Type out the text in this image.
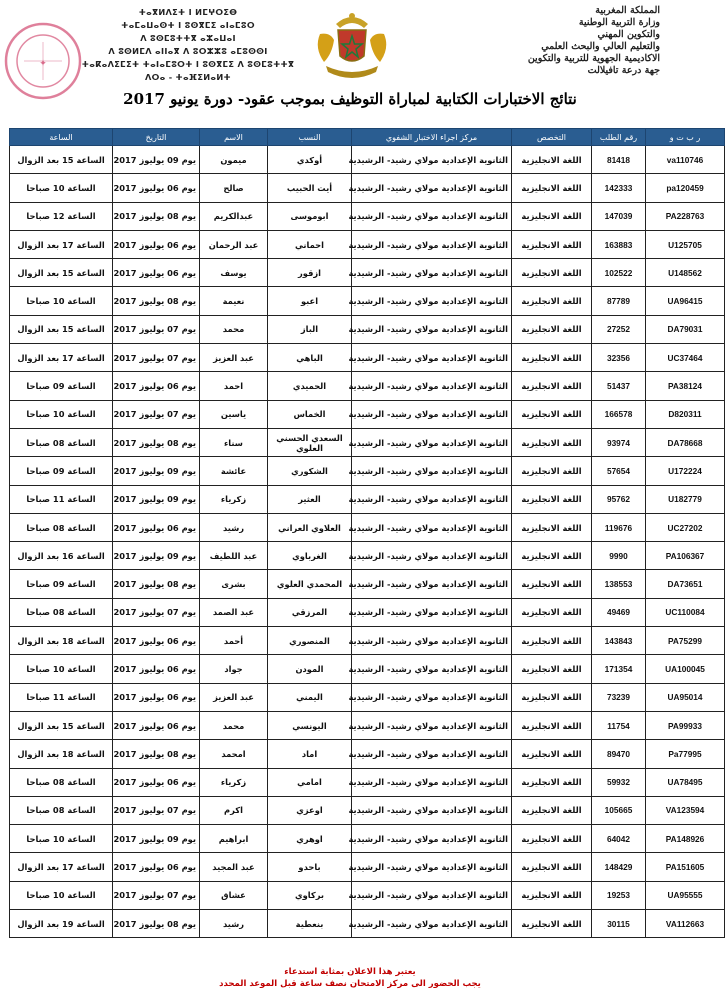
ⵜⴰⴳⵍⴷⵉⵜ ⵏ ⵍⵎⵖⵔⵉⴱ
ⵜⴰⵎⴰⵡⴰⵙⵜ ⵏ ⵓⵙⴳⵎⵉ ⴰⵏⴰⵎⵓⵔ
ⴷ ⵓⵙⵎⵓⵜⵜⴳ ⴰⵣⴰⵡⴰⵏ
ⴷ ⵓⵙⵍⵎⴷ ⴰⵏⵏⴰⴳ ⴷ ⵓⵔⵣⵣⵓ ⴰⵎⵓⵙⵙⵏ
ⵜⴰⴽⴰⴷⵉⵎⵉⵜ ⵜⴰⵏⴰⵎⵓⵔⵜ ⵏ ⵓⵙⴳⵎⵉ ⴷ ⵓⵙⵎⵓⵜⵜⴳ
ⴷⵔⴰ - ⵜⴰⴼⵉⵍⴰⵍⵜ
المملكة المغربية
وزارة التربية الوطنية
والتكوين المهني
والتعليم العالي والبحث العلمي
الاكاديمية الجهوية للتربية والتكوين
جهة درعة تافيلالت
✦
نتائج الاختبارات الكتابية لمباراة التوظيف بموجب عقود- دورة يونيو 2017
ر ب ت و	رقم الطلب	التخصص	مركز اجراء الاختبار الشفوي	النسب	الاسم	التاريخ	الساعة
va110746	81418	اللغة الانجليزية	الثانوية الإعدادية مولاي رشيد- الرشيدية	أوكدي	ميمون	يوم 09 يوليوز 2017	الساعة 15 بعد الزوال
pa120459	142333	اللغة الانجليزية	الثانوية الإعدادية مولاي رشيد- الرشيدية	أيت الحبيب	صالح	يوم 06 يوليوز 2017	الساعة 10 صباحا
PA228763	147039	اللغة الانجليزية	الثانوية الإعدادية مولاي رشيد- الرشيدية	ابوموسى	عبدالكريم	يوم 08 يوليوز 2017	الساعة 12 صباحا
U125705	163883	اللغة الانجليزية	الثانوية الإعدادية مولاي رشيد- الرشيدية	احماني	عبد الرحمان	يوم 06 يوليوز 2017	الساعة 17 بعد الزوال
U148562	102522	اللغة الانجليزية	الثانوية الإعدادية مولاي رشيد- الرشيدية	ازقور	يوسف	يوم 06 يوليوز 2017	الساعة 15 بعد الزوال
UA96415	87789	اللغة الانجليزية	الثانوية الإعدادية مولاي رشيد- الرشيدية	اعبو	نعيمة	يوم 08 يوليوز 2017	الساعة 10 صباحا
DA79031	27252	اللغة الانجليزية	الثانوية الإعدادية مولاي رشيد- الرشيدية	الباز	محمد	يوم 07 يوليوز 2017	الساعة 15 بعد الزوال
UC37464	32356	اللغة الانجليزية	الثانوية الإعدادية مولاي رشيد- الرشيدية	الباهي	عبد العزيز	يوم 07 يوليوز 2017	الساعة 17 بعد الزوال
PA38124	51437	اللغة الانجليزية	الثانوية الإعدادية مولاي رشيد- الرشيدية	الحميدي	احمد	يوم 06 يوليوز 2017	الساعة 09 صباحا
D820311	166578	اللغة الانجليزية	الثانوية الإعدادية مولاي رشيد- الرشيدية	الخماس	ياسين	يوم 07 يوليوز 2017	الساعة 10 صباحا
DA78668	93974	اللغة الانجليزية	الثانوية الإعدادية مولاي رشيد- الرشيدية	السعدي الحسني العلوي	سناء	يوم 08 يوليوز 2017	الساعة 08 صباحا
U172224	57654	اللغة الانجليزية	الثانوية الإعدادية مولاي رشيد- الرشيدية	الشكوري	عائشة	يوم 09 يوليوز 2017	الساعة 09 صباحا
U182779	95762	اللغة الانجليزية	الثانوية الإعدادية مولاي رشيد- الرشيدية	العثير	زكرياء	يوم 09 يوليوز 2017	الساعة 11 صباحا
UC27202	119676	اللغة الانجليزية	الثانوية الإعدادية مولاي رشيد- الرشيدية	العلاوي العراني	رشيد	يوم 06 يوليوز 2017	الساعة 08 صباحا
PA106367	9990	اللغة الانجليزية	الثانوية الإعدادية مولاي رشيد- الرشيدية	الغرباوي	عبد اللطيف	يوم 09 يوليوز 2017	الساعة 16 بعد الزوال
DA73651	138553	اللغة الانجليزية	الثانوية الإعدادية مولاي رشيد- الرشيدية	المحمدي العلوي	بشرى	يوم 08 يوليوز 2017	الساعة 09 صباحا
UC110084	49469	اللغة الانجليزية	الثانوية الإعدادية مولاي رشيد- الرشيدية	المرزقي	عبد الصمد	يوم 07 يوليوز 2017	الساعة 08 صباحا
PA75299	143843	اللغة الانجليزية	الثانوية الإعدادية مولاي رشيد- الرشيدية	المنصوري	أحمد	يوم 06 يوليوز 2017	الساعة 18 بعد الزوال
UA100045	171354	اللغة الانجليزية	الثانوية الإعدادية مولاي رشيد- الرشيدية	المودن	جواد	يوم 06 يوليوز 2017	الساعة 10 صباحا
UA95014	73239	اللغة الانجليزية	الثانوية الإعدادية مولاي رشيد- الرشيدية	اليمني	عبد العزيز	يوم 06 يوليوز 2017	الساعة 11 صباحا
PA99933	11754	اللغة الانجليزية	الثانوية الإعدادية مولاي رشيد- الرشيدية	اليونسي	محمد	يوم 06 يوليوز 2017	الساعة 15 بعد الزوال
Pa77995	89470	اللغة الانجليزية	الثانوية الإعدادية مولاي رشيد- الرشيدية	اماد	امحمد	يوم 08 يوليوز 2017	الساعة 18 بعد الزوال
UA78495	59932	اللغة الانجليزية	الثانوية الإعدادية مولاي رشيد- الرشيدية	امامي	زكرياء	يوم 06 يوليوز 2017	الساعة 08 صباحا
VA123594	105665	اللغة الانجليزية	الثانوية الإعدادية مولاي رشيد- الرشيدية	اوعزي	اكرم	يوم 07 يوليوز 2017	الساعة 08 صباحا
PA148926	64042	اللغة الانجليزية	الثانوية الإعدادية مولاي رشيد- الرشيدية	اوهري	ابراهيم	يوم 09 يوليوز 2017	الساعة 10 صباحا
PA151605	148429	اللغة الانجليزية	الثانوية الإعدادية مولاي رشيد- الرشيدية	باحدو	عبد المجيد	يوم 06 يوليوز 2017	الساعة 17 بعد الزوال
UA95555	19253	اللغة الانجليزية	الثانوية الإعدادية مولاي رشيد- الرشيدية	بركاوي	عشاق	يوم 07 يوليوز 2017	الساعة 10 صباحا
VA112663	30115	اللغة الانجليزية	الثانوية الإعدادية مولاي رشيد- الرشيدية	بنعطية	رشيد	يوم 08 يوليوز 2017	الساعة 19 بعد الزوال
يعتبر هذا الاعلان بمثابة استدعاء
يجب الحضور الى مركز الامتحان نصف ساعة قبل الموعد المحدد
